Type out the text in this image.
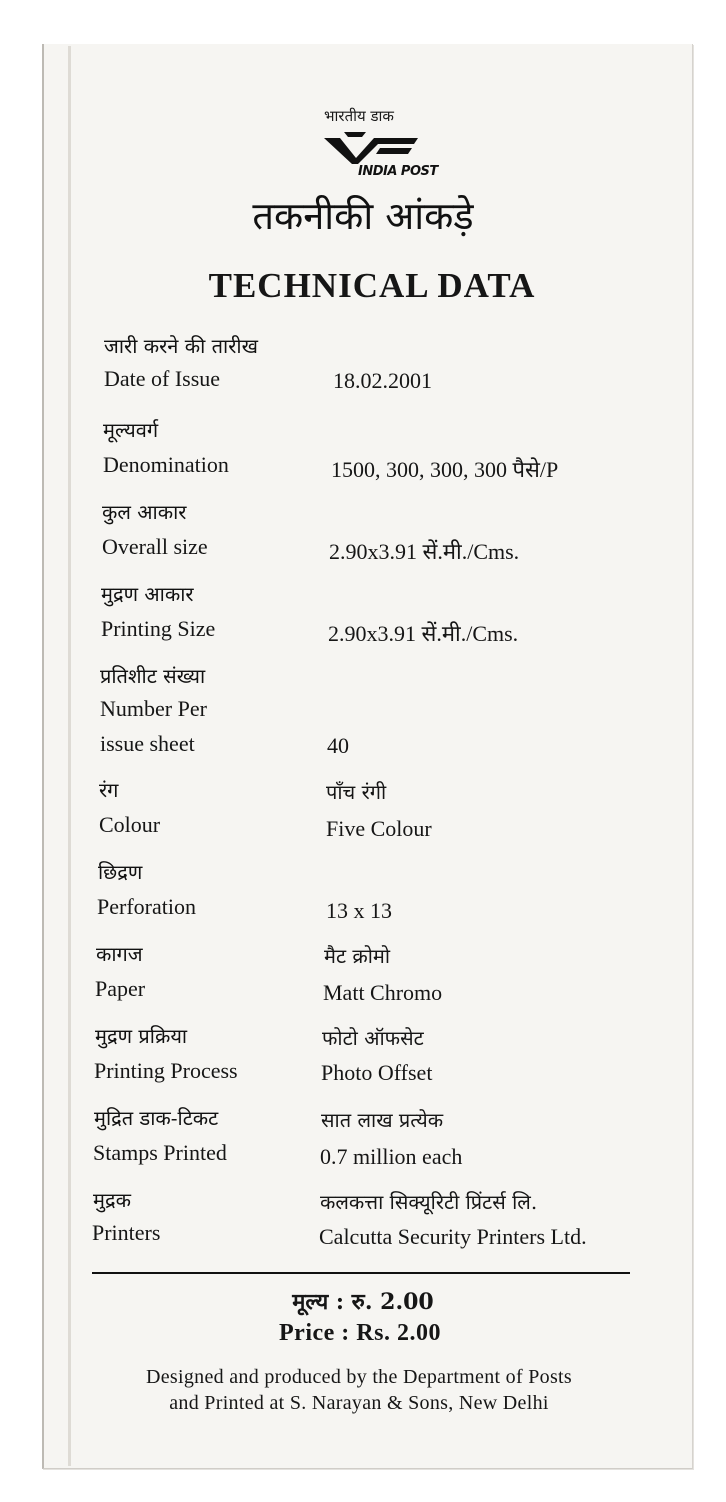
भारतीय डाक
INDIA POST
तकनीकी आंकड़े
TECHNICAL DATA
जारी करने की तारीख
Date of Issue	18.02.2001
मूल्यवर्ग
Denomination	1500, 300, 300, 300 पैसे/P
कुल आकार
Overall size	2.90x3.91 सें.मी./Cms.
मुद्रण आकार
Printing Size	2.90x3.91 सें.मी./Cms.
प्रतिशीट संख्या
Number Per
issue sheet	40
रंग	पाँच रंगी
Colour	Five Colour
छिद्रण
Perforation	13 x 13
कागज	मैट क्रोमो
Paper	Matt Chromo
मुद्रण प्रक्रिया	फोटो ऑफसेट
Printing Process	Photo Offset
मुद्रित डाक-टिकट	सात लाख प्रत्येक
Stamps Printed	0.7 million each
मुद्रक	कलकत्ता सिक्यूरिटी प्रिंटर्स लि.
Printers	Calcutta Security Printers Ltd.
मूल्य : रु. 2.00
Price : Rs. 2.00
Designed and produced by the Department of Posts
and Printed at S. Narayan & Sons, New Delhi
